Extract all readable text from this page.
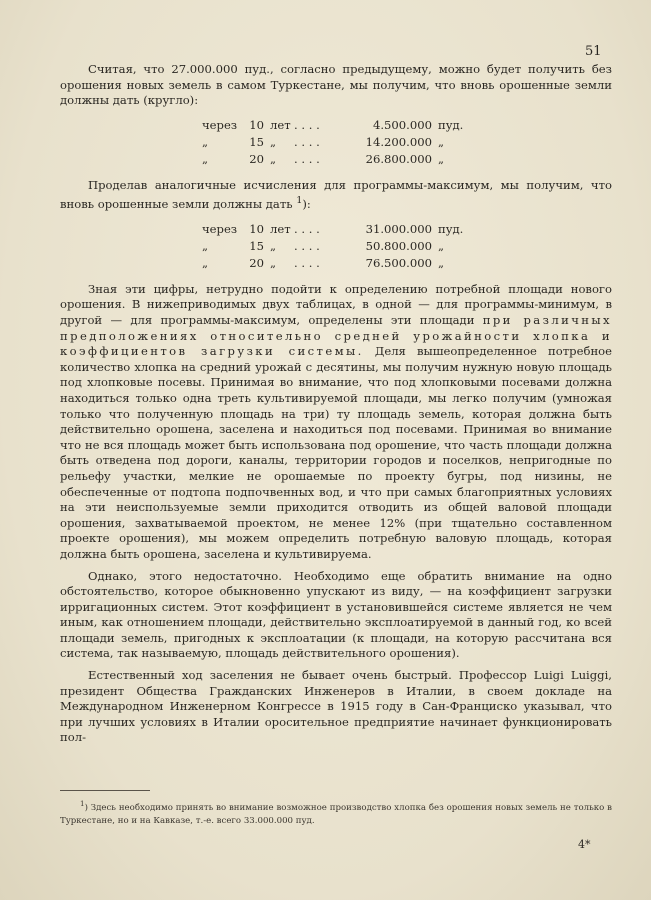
51

Считая, что 27.000.000 пуд., согласно предыдущему, можно будет получить без орошения новых земель в самом Туркестане, мы получим, что вновь орошенные земли должны дать (кругло):

через	10 лет . . . .	4.500.000 пуд.
„	15 „	. . . .	14.200.000 „
„	20 „	. . . .	26.800.000 „

Проделав аналогичные исчисления для программы-максимум, мы получим, что вновь орошенные земли должны дать $^1$):

через	10 лет . . . .	31.000.000 пуд.
„	15 „	. . . .	50.800.000 „
„	20 „	. . . .	76.500.000 „

Зная эти цифры, нетрудно подойти к определению потребной площади нового орошения. В нижеприводимых двух таблицах, в одной — для программы-минимум, в другой — для программы-максимум, определены эти площади при различных предположениях относительно средней урожайности хлопка и коэффициентов загрузки системы. Деля вышеопределенное потребное количество хлопка на средний урожай с десятины, мы получим нужную новую площадь под хлопковые посевы. Принимая во внимание, что под хлопковыми посевами должна находиться только одна треть культивируемой площади, мы легко получим (умножая только что полученную площадь на три) ту площадь земель, которая должна быть действительно орошена, заселена и находиться под посевами. Принимая во внимание что не вся площадь может быть использована под орошение, что часть площади должна быть отведена под дороги, каналы, территории городов и поселков, непригодные по рельефу участки, мелкие не орошаемые по проекту бугры, под низины, не обеспеченные от подтопа подпочвенных вод, и что при самых благоприятных условиях на эти неиспользуемые земли приходится отводить из общей валовой площади орошения, захватываемой проектом, не менее 12% (при тщательно составленном проекте орошения), мы можем определить потребную валовую площадь, которая должна быть орошена, заселена и культивируема.

Однако, этого недостаточно. Необходимо еще обратить внимание на одно обстоятельство, которое обыкновенно упускают из виду, — на коэффициент загрузки ирригационных систем. Этот коэффициент в установившейся системе является не чем иным, как отношением площади, действительно эксплоатируемой в данный год, ко всей площади земель, пригодных к эксплоатации (к площади, на которую рассчитана вся система, так называемую, площадь действительного орошения).

Естественный ход заселения не бывает очень быстрый. Профессор Luigi Luiggi, президент Общества Гражданских Инженеров в Италии, в своем докладе на Международном Инженерном Конгрессе в 1915 году в Сан-Франциско указывал, что при лучших условиях в Италии оросительное предприятие начинает функционировать пол-

$^1$) Здесь необходимо принять во внимание возможное производство хлопка без орошения новых земель не только в Туркестане, но и на Кавказе, т.-е. всего 33.000.000 пуд.

4*
